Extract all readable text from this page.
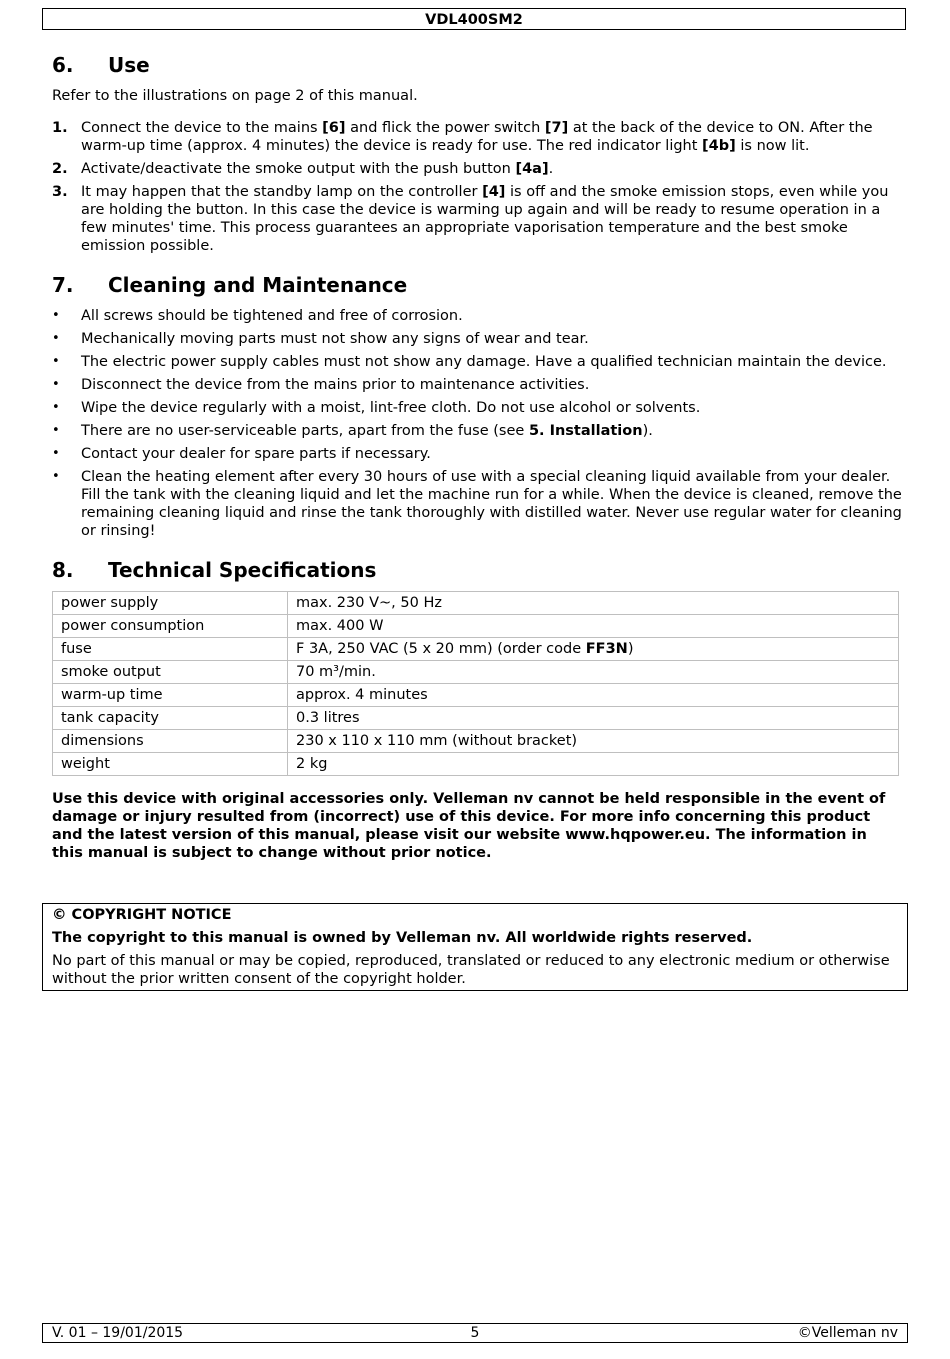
VDL400SM2
6.	Use

Refer to the illustrations on page 2 of this manual.

1. Connect the device to the mains [6] and flick the power switch [7] at the back of the device to ON. After the warm-up time (approx. 4 minutes) the device is ready for use. The red indicator light [4b] is now lit.
2. Activate/deactivate the smoke output with the push button [4a].
3. It may happen that the standby lamp on the controller [4] is off and the smoke emission stops, even while you are holding the button. In this case the device is warming up again and will be ready to resume operation in a few minutes' time. This process guarantees an appropriate vaporisation temperature and the best smoke emission possible.
7.	Cleaning and Maintenance
•	All screws should be tightened and free of corrosion.
•	Mechanically moving parts must not show any signs of wear and tear.
•	The electric power supply cables must not show any damage. Have a qualified technician maintain the device.
•	Disconnect the device from the mains prior to maintenance activities.
•	Wipe the device regularly with a moist, lint-free cloth. Do not use alcohol or solvents.
•	There are no user-serviceable parts, apart from the fuse (see 5. Installation).
•	Contact your dealer for spare parts if necessary.
•	Clean the heating element after every 30 hours of use with a special cleaning liquid available from your dealer. Fill the tank with the cleaning liquid and let the machine run for a while. When the device is cleaned, remove the remaining cleaning liquid and rinse the tank thoroughly with distilled water. Never use regular water for cleaning or rinsing!
8.	Technical Specifications
power supply	max. 230 V~, 50 Hz
power consumption	max. 400 W
fuse	F 3A, 250 VAC (5 x 20 mm) (order code FF3N)
smoke output	70 m³/min.
warm-up time	approx. 4 minutes
tank capacity	0.3 litres
dimensions	230 x 110 x 110 mm (without bracket)
weight	2 kg

Use this device with original accessories only. Velleman nv cannot be held responsible in the event of damage or injury resulted from (incorrect) use of this device. For more info concerning this product and the latest version of this manual, please visit our website www.hqpower.eu. The information in this manual is subject to change without prior notice.

© COPYRIGHT NOTICE

The copyright to this manual is owned by Velleman nv. All worldwide rights reserved.

No part of this manual or may be copied, reproduced, translated or reduced to any electronic medium or otherwise without the prior written consent of the copyright holder.

V. 01 – 19/01/2015	5	©Velleman nv
